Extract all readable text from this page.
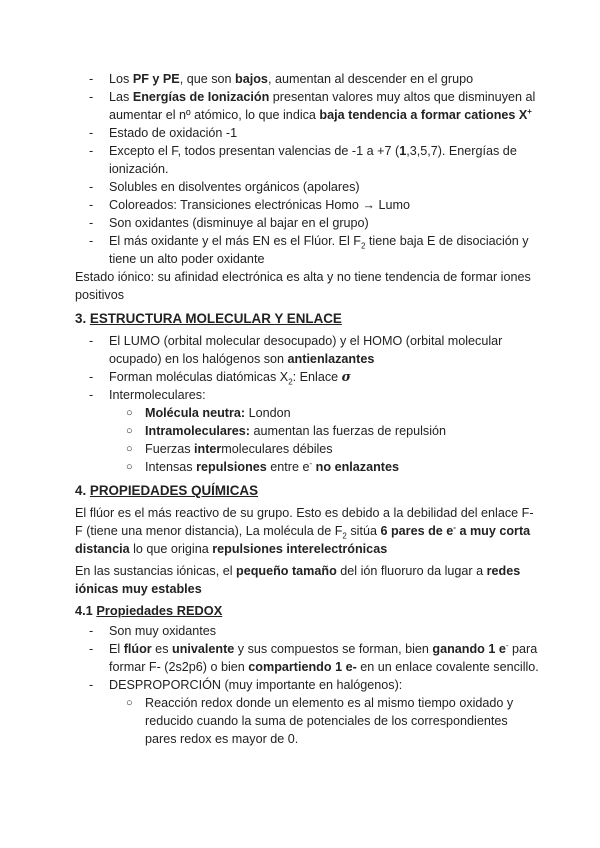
- Los PF y PE, que son bajos, aumentan al descender en el grupo
- Las Energías de Ionización presentan valores muy altos que disminuyen al aumentar el nº atómico, lo que indica baja tendencia a formar cationes X+
- Estado de oxidación -1
- Excepto el F, todos presentan valencias de -1 a +7 (1,3,5,7). Energías de ionización.
- Solubles en disolventes orgánicos (apolares)
- Coloreados: Transiciones electrónicas Homo → Lumo
- Son oxidantes (disminuye al bajar en el grupo)
- El más oxidante y el más EN es el Flúor. El $F_2$ tiene baja E de disociación y tiene un alto poder oxidante

Estado iónico: su afinidad electrónica es alta y no tiene tendencia de formar iones positivos

3. ESTRUCTURA MOLECULAR Y ENLACE
- El LUMO (orbital molecular desocupado) y el HOMO (orbital molecular ocupado) en los halógenos son antienlazantes
- Forman moléculas diatómicas $X_2$: Enlace σ
- Intermoleculares:
○ Molécula neutra: London
○ Intramoleculares: aumentan las fuerzas de repulsión
○ Fuerzas intermoleculares débiles
○ Intensas repulsiones entre e- no enlazantes
4. PROPIEDADES QUÍMICAS

El flúor es el más reactivo de su grupo. Esto es debido a la debilidad del enlace F-F (tiene una menor distancia), La molécula de $F_2$ sitúa 6 pares de e- a muy corta distancia lo que origina repulsiones interelectrónicas

En las sustancias iónicas, el pequeño tamaño del ión fluoruro da lugar a redes iónicas muy estables

4.1 Propiedades REDOX
- Son muy oxidantes
- El flúor es univalente y sus compuestos se forman, bien ganando 1 e- para formar F- (2s2p6) o bien compartiendo 1 e- en un enlace covalente sencillo.
- DESPROPORCIÓN (muy importante en halógenos):
○ Reacción redox donde un elemento es al mismo tiempo oxidado y reducido cuando la suma de potenciales de los correspondientes pares redox es mayor de 0.
